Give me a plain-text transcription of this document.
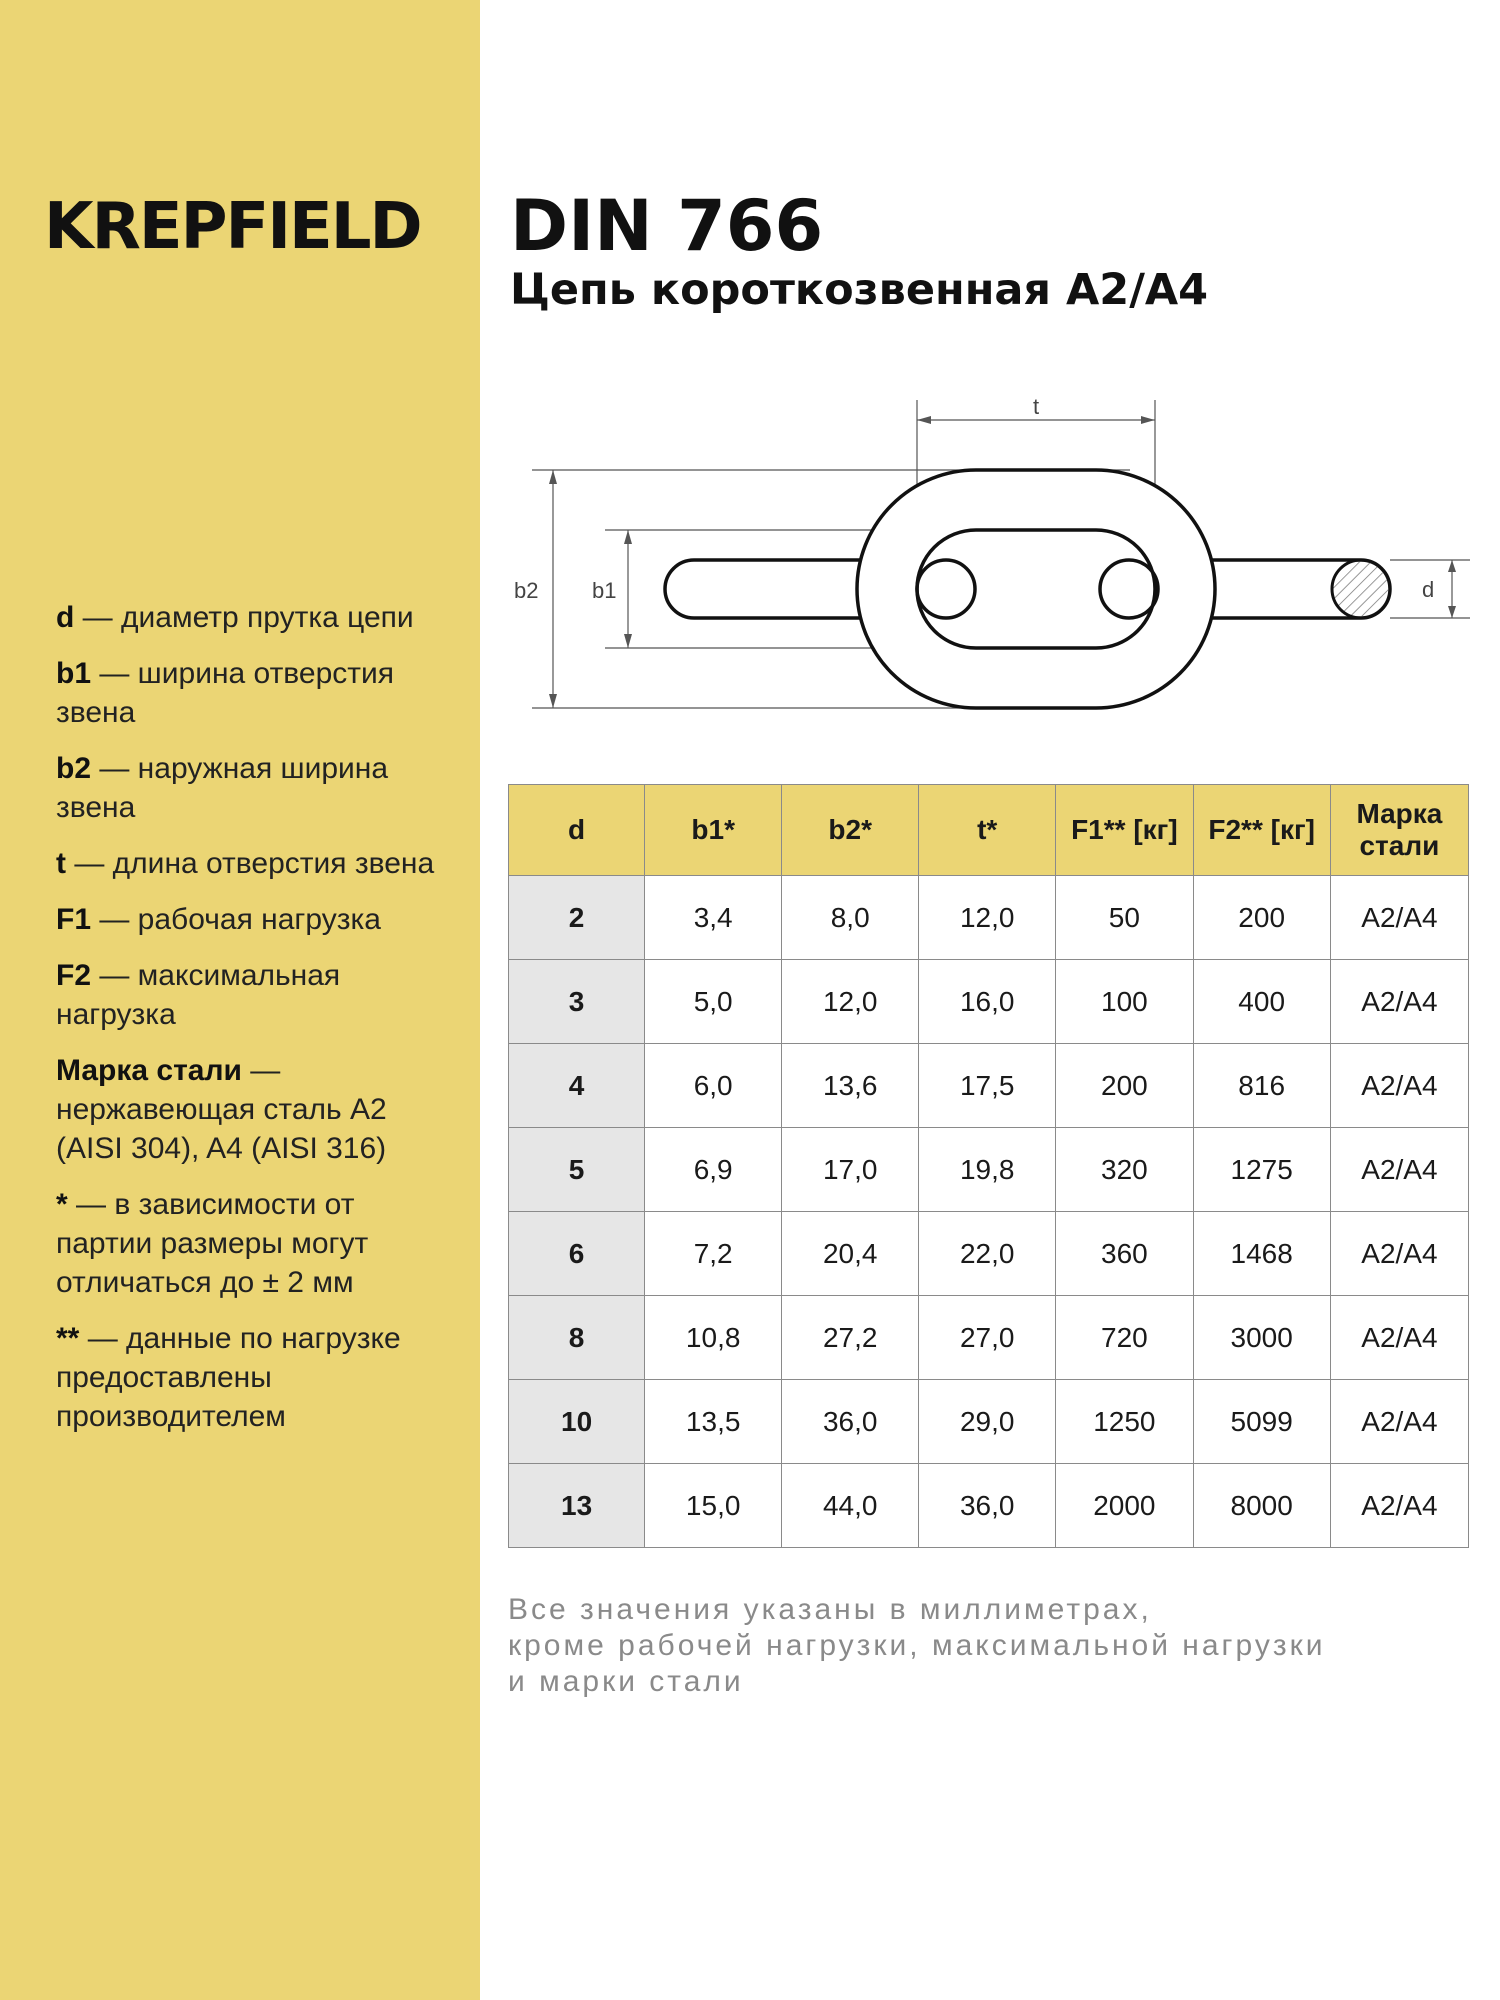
KREPFIELD
d — диаметр прутка цепи
b1 — ширина отверстия звена
b2 — наружная ширина звена
t — длина отверстия звена
F1 — рабочая нагрузка
F2 — максимальная нагрузка
Марка стали — нержавеющая сталь A2 (AISI 304), A4 (AISI 316)
* — в зависимости от партии размеры могут отличаться до ± 2 мм
** — данные по нагрузке предоставлены производителем
DIN 766
Цепь короткозвенная A2/A4
t
b2 b1	d
d	b1*	b2*	t*	F1** [кг]	F2** [кг]	Марка стали
2	3,4	8,0	12,0	50	200	A2/A4
3	5,0	12,0	16,0	100	400	A2/A4
4	6,0	13,6	17,5	200	816	A2/A4
5	6,9	17,0	19,8	320	1275	A2/A4
6	7,2	20,4	22,0	360	1468	A2/A4
8	10,8	27,2	27,0	720	3000	A2/A4
10	13,5	36,0	29,0	1250	5099	A2/A4
13	15,0	44,0	36,0	2000	8000	A2/A4
Все значения указаны в миллиметрах,
кроме рабочей нагрузки, максимальной нагрузки
и марки стали
